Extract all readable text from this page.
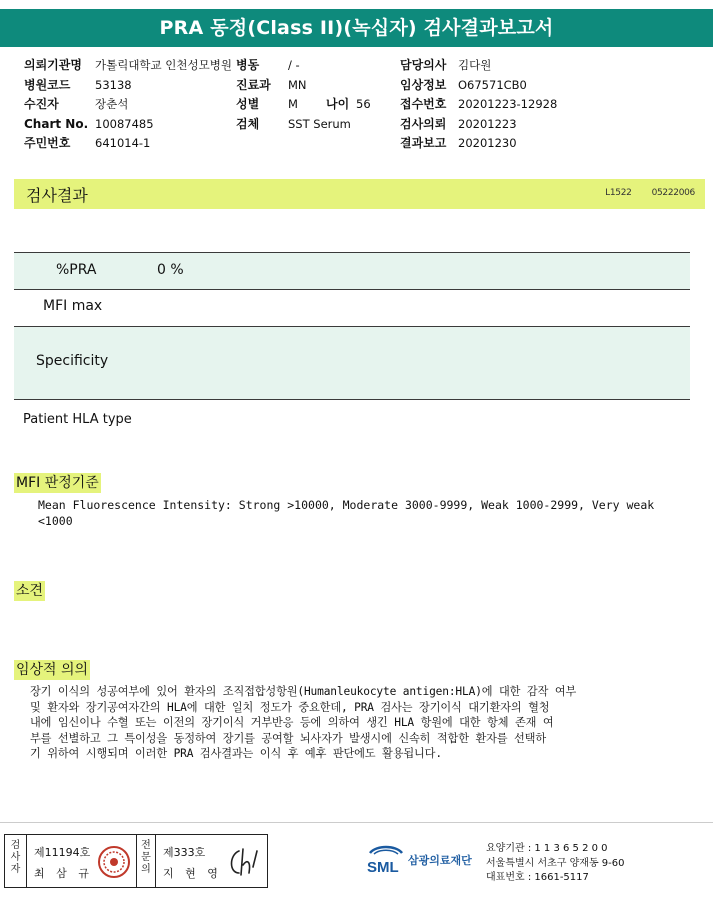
PRA 동정(Class II)(녹십자) 검사결과보고서
의뢰기관명	가톨릭대학교 인천성모병원
병원코드	53138
수진자	장춘석
Chart No. 10087485
주민번호	641014-1
병동	/ -
진료과	MN
성별	M	나이 56
검체	SST Serum
담당의사	김다원
임상정보	O67571CB0
접수번호	20201223-12928
검사의뢰	20201223
결과보고	20201230
검사결과	L1522 05222006
%PRA	0 %
MFI max
Specificity
Patient HLA type
MFI 판정기준
Mean Fluorescence Intensity: Strong >10000, Moderate 3000-9999, Weak 1000-2999, Very weak
<1000
소견
임상적 의의
장기 이식의 성공여부에 있어 환자의 조직접합성항원(Humanleukocyte antigen:HLA)에 대한 감작 여부
및 환자와 장기공여자간의 HLA에 대한 일치 정도가 중요한데, PRA 검사는 장기이식 대기환자의 혈청
내에 임신이나 수혈 또는 이전의 장기이식 거부반응 등에 의하여 생긴 HLA 항원에 대한 항체 존재 여
부를 선별하고 그 특이성을 동정하여 장기를 공여할 뇌사자가 발생시에 신속히 적합한 환자를 선택하
기 위하여 시행되며 이러한 PRA 검사결과는 이식 후 예후 판단에도 활용됩니다.
검
사
자
제11194호
최 삼 규
전
문
의
제333호
지 현 영	SML 삼광의료재단
요양기관 : 1 1 3 6 5 2 0 0
서울특별시 서초구 양재동 9-60
대표번호 : 1661-5117
